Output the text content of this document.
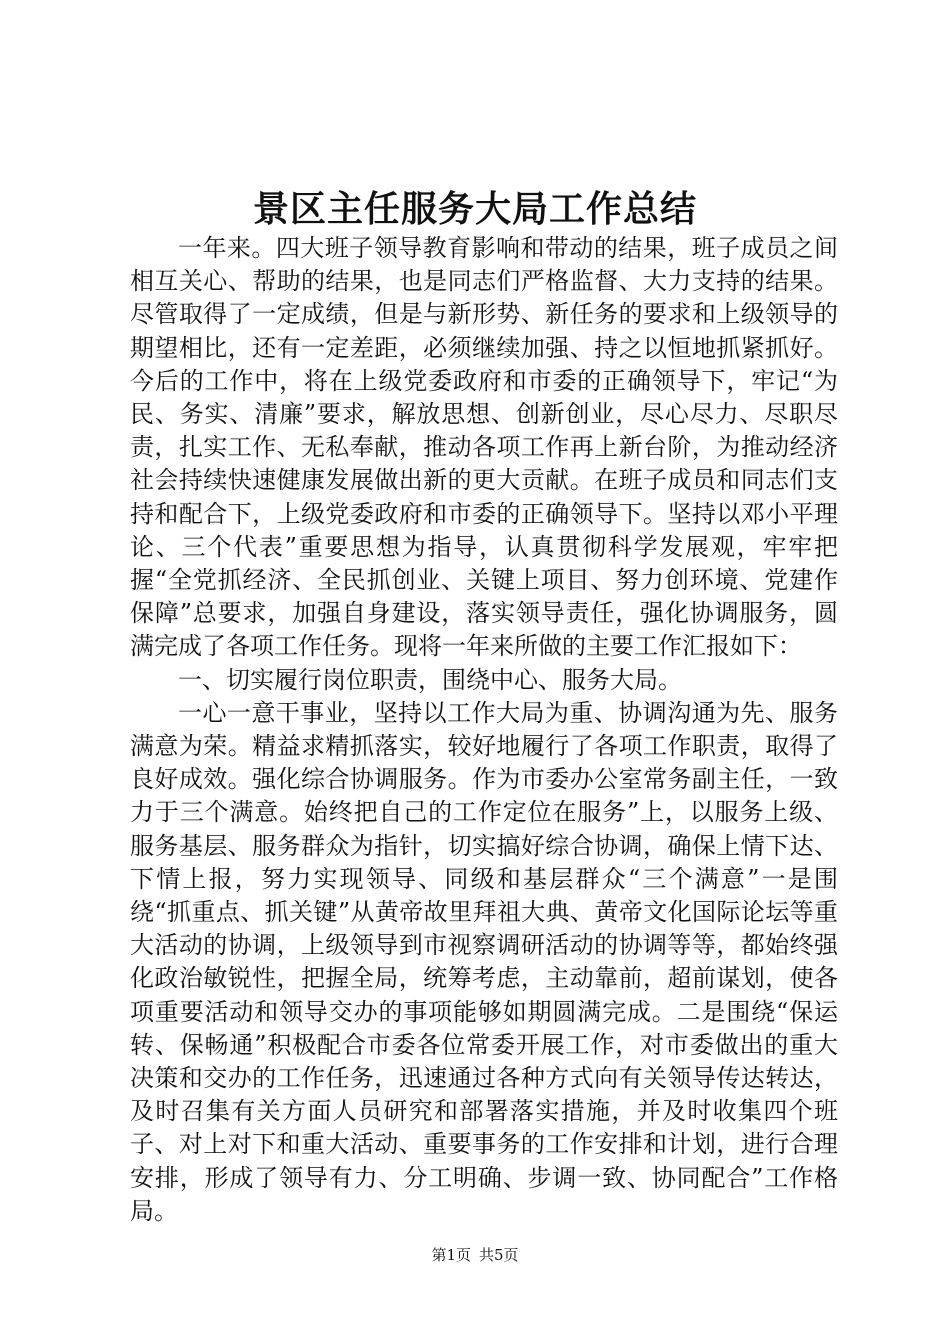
景区主任服务大局工作总结

一年来。四大班子领导教育影响和带动的结果，班子成员之间相互关心、帮助的结果，也是同志们严格监督、大力支持的结果。尽管取得了一定成绩，但是与新形势、新任务的要求和上级领导的期望相比，还有一定差距，必须继续加强、持之以恒地抓紧抓好。今后的工作中，将在上级党委政府和市委的正确领导下，牢记“为民、务实、清廉”要求，解放思想、创新创业，尽心尽力、尽职尽责，扎实工作、无私奉献，推动各项工作再上新台阶，为推动经济社会持续快速健康发展做出新的更大贡献。在班子成员和同志们支持和配合下，上级党委政府和市委的正确领导下。坚持以邓小平理论、三个代表”重要思想为指导，认真贯彻科学发展观，牢牢把握“全党抓经济、全民抓创业、关键上项目、努力创环境、党建作保障”总要求，加强自身建设，落实领导责任，强化协调服务，圆满完成了各项工作任务。现将一年来所做的主要工作汇报如下：

一、切实履行岗位职责，围绕中心、服务大局。

一心一意干事业，坚持以工作大局为重、协调沟通为先、服务满意为荣。精益求精抓落实，较好地履行了各项工作职责，取得了良好成效。强化综合协调服务。作为市委办公室常务副主任，一致力于三个满意。始终把自己的工作定位在服务”上，以服务上级、服务基层、服务群众为指针，切实搞好综合协调，确保上情下达、下情上报，努力实现领导、同级和基层群众“三个满意”一是围绕“抓重点、抓关键”从黄帝故里拜祖大典、黄帝文化国际论坛等重大活动的协调，上级领导到市视察调研活动的协调等等，都始终强化政治敏锐性，把握全局，统筹考虑，主动靠前，超前谋划，使各项重要活动和领导交办的事项能够如期圆满完成。二是围绕“保运转、保畅通”积极配合市委各位常委开展工作，对市委做出的重大决策和交办的工作任务，迅速通过各种方式向有关领导传达转达，及时召集有关方面人员研究和部署落实措施，并及时收集四个班子、对上对下和重大活动、重要事务的工作安排和计划，进行合理安排，形成了领导有力、分工明确、步调一致、协同配合”工作格局。

第1页 共5页
